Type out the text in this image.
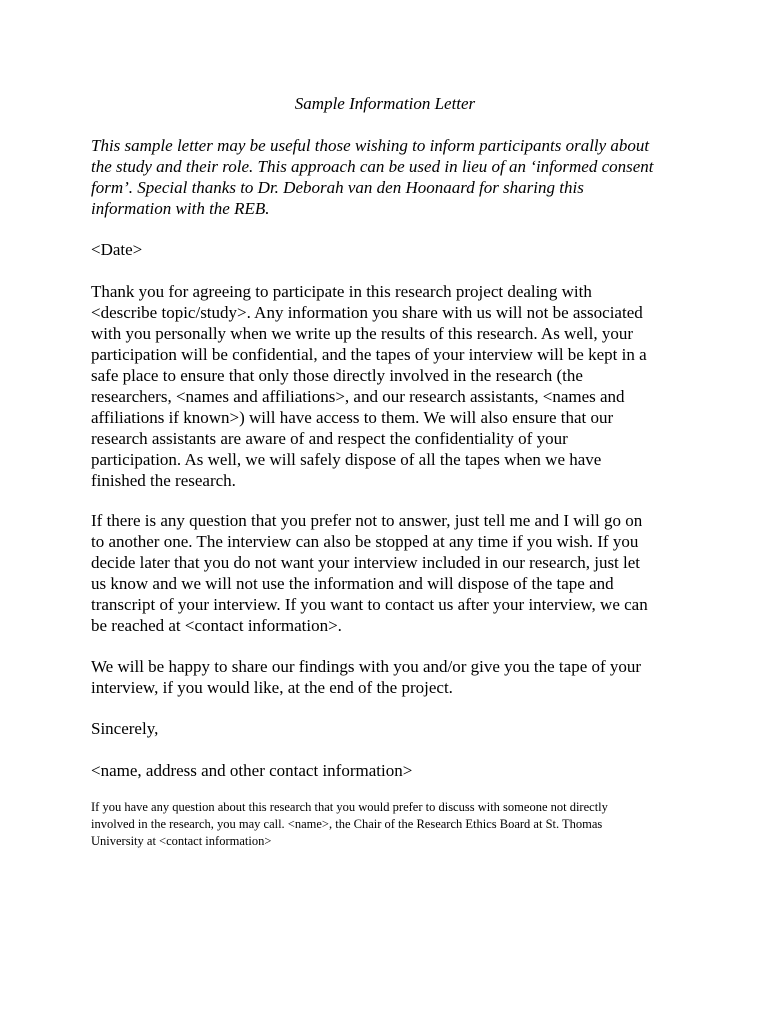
Sample Information Letter

This sample letter may be useful those wishing to inform participants orally about
the study and their role. This approach can be used in lieu of an ‘informed consent
form’. Special thanks to Dr. Deborah van den Hoonaard for sharing this
information with the REB.

<Date>

Thank you for agreeing to participate in this research project dealing with
<describe topic/study>. Any information you share with us will not be associated
with you personally when we write up the results of this research. As well, your
participation will be confidential, and the tapes of your interview will be kept in a
safe place to ensure that only those directly involved in the research (the
researchers, <names and affiliations>, and our research assistants, <names and
affiliations if known>) will have access to them. We will also ensure that our
research assistants are aware of and respect the confidentiality of your
participation. As well, we will safely dispose of all the tapes when we have
finished the research.

If there is any question that you prefer not to answer, just tell me and I will go on
to another one. The interview can also be stopped at any time if you wish. If you
decide later that you do not want your interview included in our research, just let
us know and we will not use the information and will dispose of the tape and
transcript of your interview. If you want to contact us after your interview, we can
be reached at <contact information>.

We will be happy to share our findings with you and/or give you the tape of your
interview, if you would like, at the end of the project.

Sincerely,

<name, address and other contact information>

If you have any question about this research that you would prefer to discuss with someone not directly
involved in the research, you may call. <name>, the Chair of the Research Ethics Board at St. Thomas
University at <contact information>
